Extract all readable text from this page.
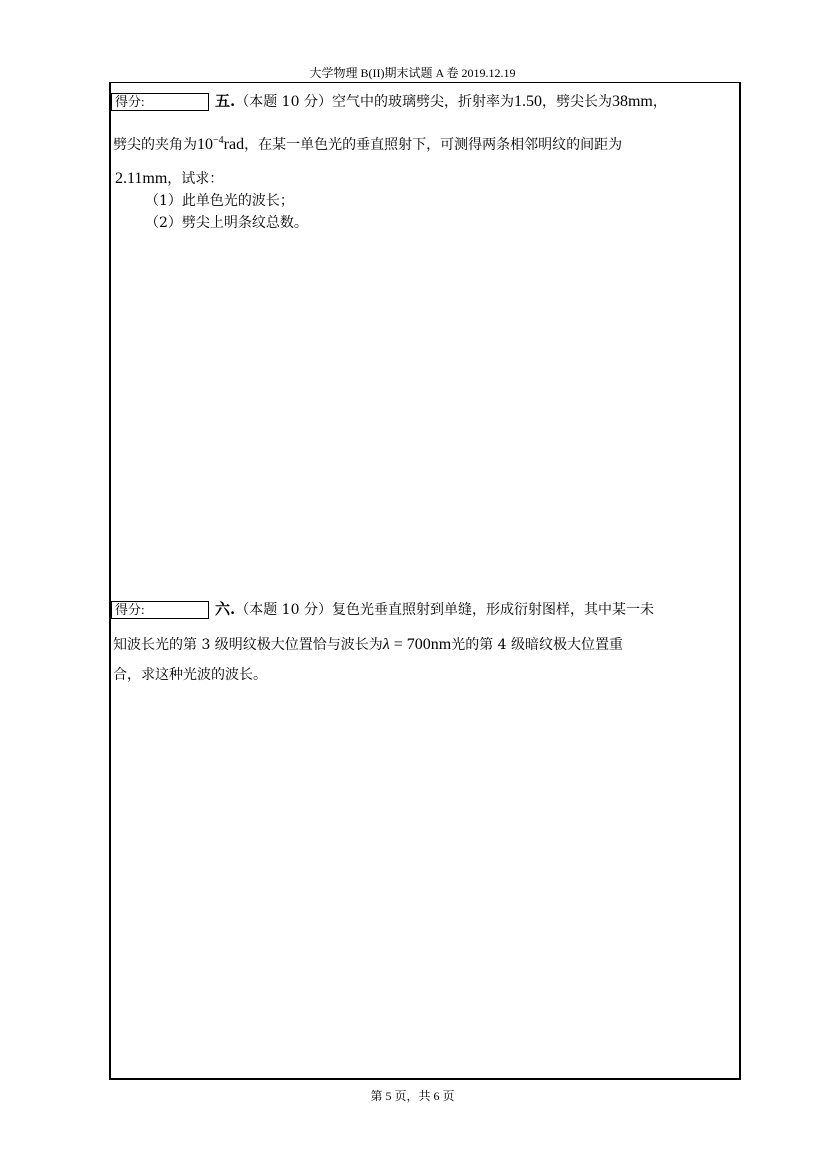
大学物理 B(II)期末试题 A 卷 2019.12.19
得分:	五.（本题 10 分）空气中的玻璃劈尖，折射率为1.50，劈尖长为38mm，
劈尖的夹角为$10^{-4}rad$，在某一单色光的垂直照射下，可测得两条相邻明纹的间距为
2.11mm，试求：
（1）此单色光的波长；
（2）劈尖上明条纹总数。
得分:	六.（本题 10 分）复色光垂直照射到单缝，形成衍射图样，其中某一未
知波长光的第 3 级明纹极大位置恰与波长为λ = 700nm光的第 4 级暗纹极大位置重
合，求这种光波的波长。
第 5 页，共 6 页
